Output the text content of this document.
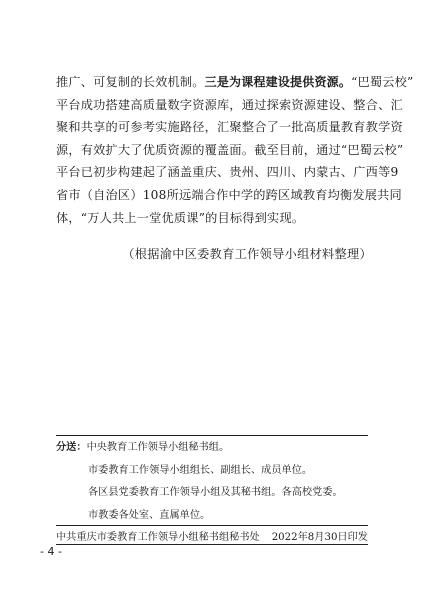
推广、可复制的长效机制。三是为课程建设提供资源。“巴蜀云校”
平台成功搭建高质量数字资源库，通过探索资源建设、整合、汇
聚和共享的可参考实施路径，汇聚整合了一批高质量教育教学资
源，有效扩大了优质资源的覆盖面。截至目前，通过“巴蜀云校”
平台已初步构建起了涵盖重庆、贵州、四川、内蒙古、广西等9
省市（自治区）108所远端合作中学的跨区域教育均衡发展共同
体，“万人共上一堂优质课”的目标得到实现。
（根据渝中区委教育工作领导小组材料整理）
分送：中央教育工作领导小组秘书组。
市委教育工作领导小组组长、副组长、成员单位。
各区县党委教育工作领导小组及其秘书组。各高校党委。
市教委各处室、直属单位。
中共重庆市委教育工作领导小组秘书组秘书处 2022年8月30日印发
- 4 -
